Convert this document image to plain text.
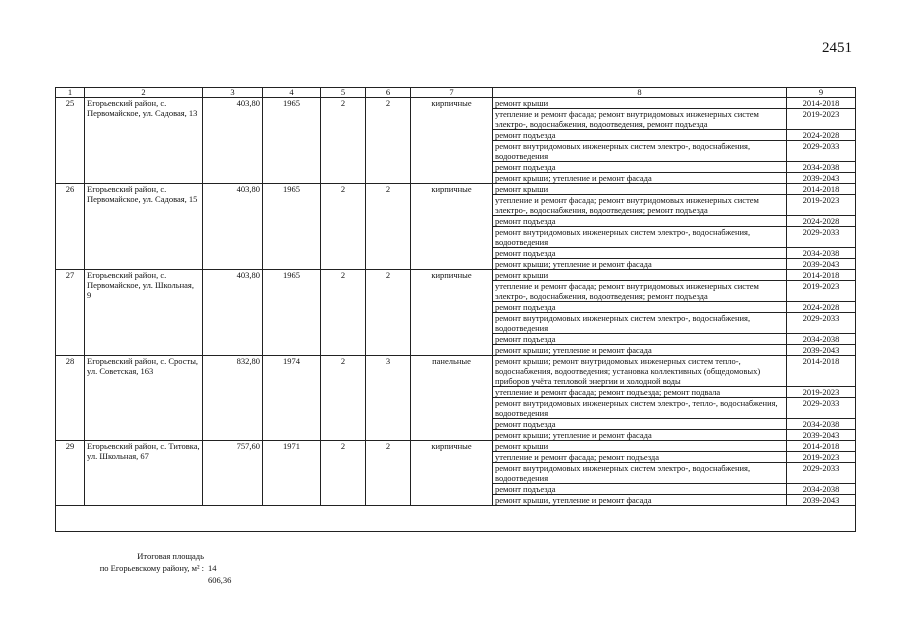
2451
1	2	3	4	5	6	7	8	9
25	Егорьевский район, с. Первомайское, ул. Садовая, 13	403,80	1965	2	2	кирпичные	ремонт крыши	2014-2018
							утепление и ремонт фасада; ремонт внутридомовых инженерных систем электро-, водоснабжения, водоотведения, ремонт подъезда	2019-2023
							ремонт подъезда	2024-2028
							ремонт внутридомовых инженерных систем электро-, водоснабжения, водоотведения	2029-2033
							ремонт подъезда	2034-2038
							ремонт крыши; утепление и ремонт фасада	2039-2043
26	Егорьевский район, с. Первомайское, ул. Садовая, 15	403,80	1965	2	2	кирпичные	ремонт крыши	2014-2018
							утепление и ремонт фасада; ремонт внутридомовых инженерных систем электро-, водоснабжения, водоотведения; ремонт подъезда	2019-2023
							ремонт подъезда	2024-2028
							ремонт внутридомовых инженерных систем электро-, водоснабжения, водоотведения	2029-2033
							ремонт подъезда	2034-2038
							ремонт крыши; утепление и ремонт фасада	2039-2043
27	Егорьевский район, с. Первомайское, ул. Школьная, 9	403,80	1965	2	2	кирпичные	ремонт крыши	2014-2018
							утепление и ремонт фасада; ремонт внутридомовых инженерных систем электро-, водоснабжения, водоотведения; ремонт подъезда	2019-2023
							ремонт подъезда	2024-2028
							ремонт внутридомовых инженерных систем электро-, водоснабжения, водоотведения	2029-2033
							ремонт подъезда	2034-2038
							ремонт крыши; утепление и ремонт фасада	2039-2043
28	Егорьевский район, с. Сросты, ул. Советская, 163	832,80	1974	2	3	панельные	ремонт крыши; ремонт внутридомовых инженерных систем тепло-, водоснабжения, водоотведения; установка коллективных (общедомовых) приборов учёта тепловой энергии и холодной воды	2014-2018
							утепление и ремонт фасада; ремонт подъезда; ремонт подвала	2019-2023
							ремонт внутридомовых инженерных систем электро-, тепло-, водоснабжения, водоотведения	2029-2033
							ремонт подъезда	2034-2038
							ремонт крыши; утепление и ремонт фасада	2039-2043
29	Егорьевский район, с. Титовка, ул. Школьная, 67	757,60	1971	2	2	кирпичные	ремонт крыши	2014-2018
							утепление и ремонт фасада; ремонт подъезда	2019-2023
							ремонт внутридомовых инженерных систем электро-, водоснабжения, водоотведения	2029-2033
							ремонт подъезда	2034-2038
							ремонт крыши, утепление и ремонт фасада	2039-2043

Итоговая площадь
по Егорьевскому району, м² : 14 606,36
